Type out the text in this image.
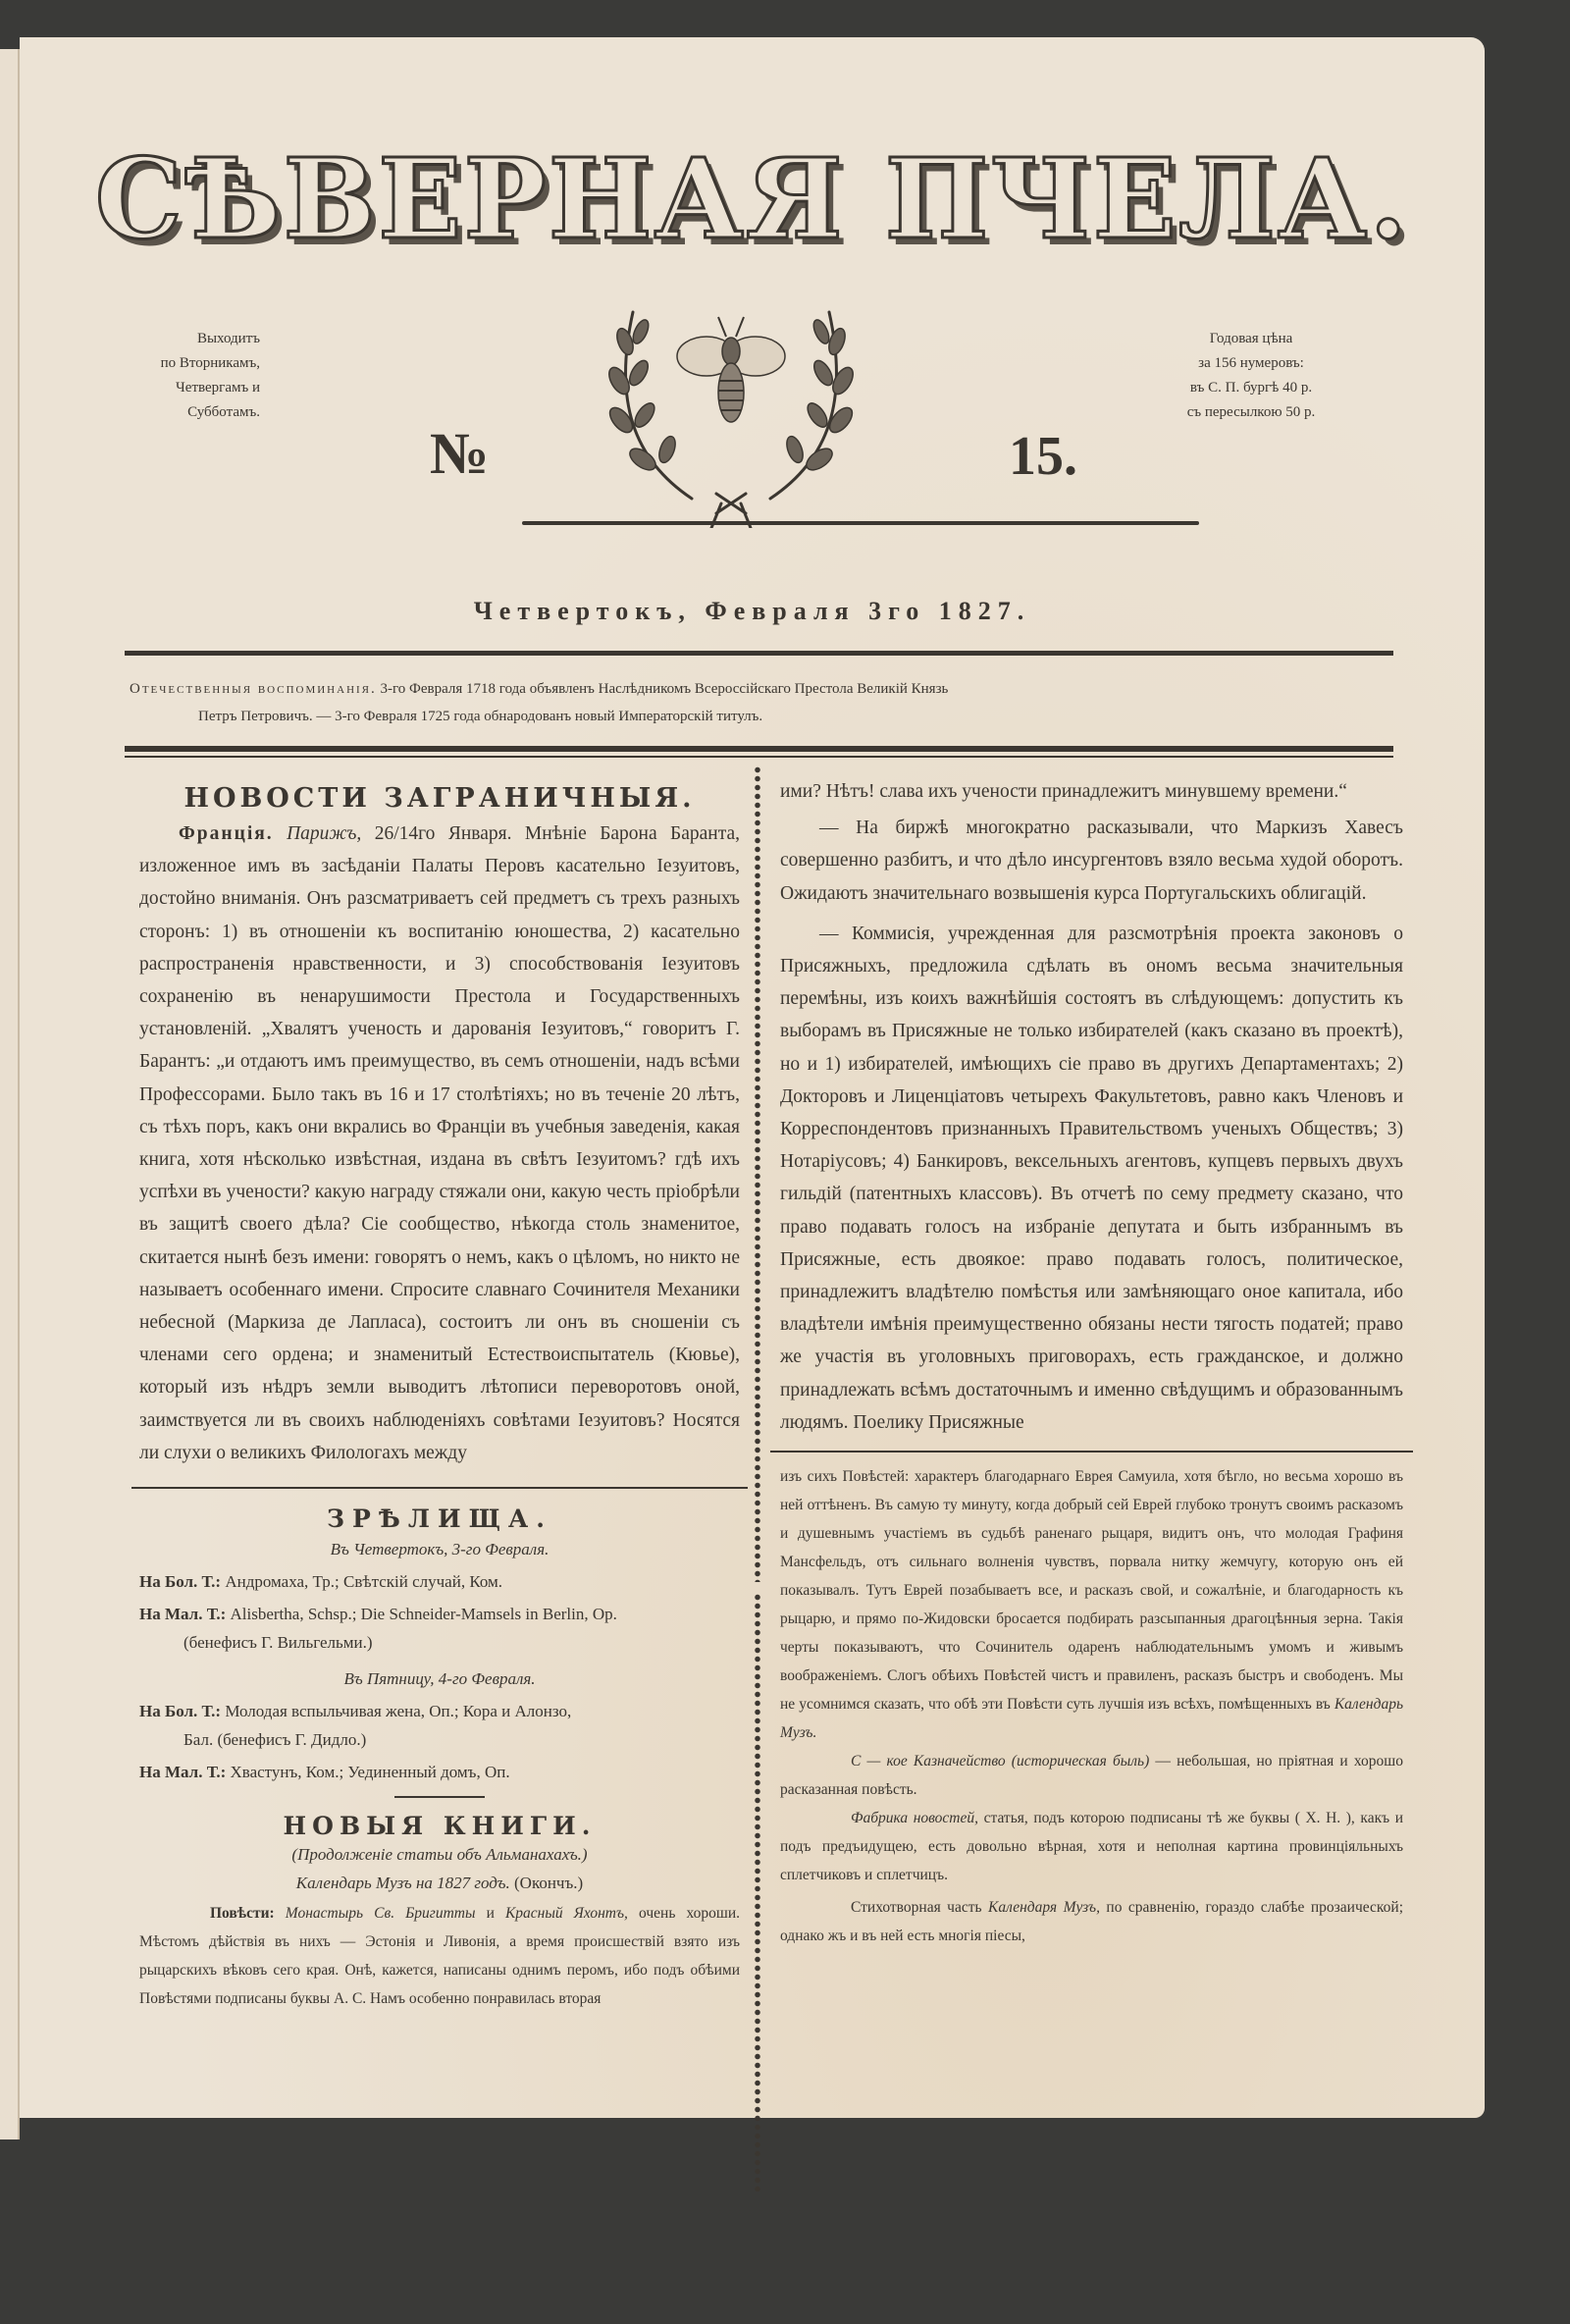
СѢВЕРНАЯ ПЧЕЛА.
Выходитъ
по Вторникамъ,
Четвергамъ и
Субботамъ.
№	15.
Годовая цѣна
за 156 нумеровъ:
въ С. П. бургѣ 40 р.
съ пересылкою 50 р.
Четвертокъ, Февраля 3го 1827.
Отечественныя воспоминанія. 3-го Февраля 1718 года объявленъ Наслѣдникомъ Всероссійскаго Престола Великій Князь
Петръ Петровичъ. — 3-го Февраля 1725 года обнародованъ новый Императорскій титулъ.
НОВОСТИ ЗАГРАНИЧНЫЯ.

Франція. Парижъ, 26/14го Января. Мнѣніе Барона Баранта, изложенное имъ въ засѣданіи Палаты Перовъ касательно Іезуитовъ, достойно вниманія. Онъ разсматриваетъ сей предметъ съ трехъ разныхъ сторонъ: 1) въ отношеніи къ воспитанію юношества, 2) касательно распространенія нравственности, и 3) способствованія Іезуитовъ сохраненію въ ненарушимости Престола и Государственныхъ установленій. „Хвалятъ ученость и дарованія Іезуитовъ,“ говоритъ Г. Барантъ: „и отдаютъ имъ преимущество, въ семъ отношеніи, надъ всѣми Профессорами. Было такъ въ 16 и 17 столѣтіяхъ; но въ теченіе 20 лѣтъ, съ тѣхъ поръ, какъ они вкрались во Франціи въ учебныя заведенія, какая книга, хотя нѣсколько извѣстная, издана въ свѣтъ Іезуитомъ? гдѣ ихъ успѣхи въ учености? какую награду стяжали они, какую честь пріобрѣли въ защитѣ своего дѣла? Сіе сообщество, нѣкогда столь знаменитое, скитается нынѣ безъ имени: говорятъ о немъ, какъ о цѣломъ, но никто не называетъ особеннаго имени. Спросите славнаго Сочинителя Механики небесной (Маркиза де Лапласа), состоитъ ли онъ въ сношеніи съ членами сего ордена; и знаменитый Естествоиспытатель (Кювье), который изъ нѣдръ земли выводитъ лѣтописи переворотовъ оной, заимствуется ли въ своихъ наблюденіяхъ совѣтами Іезуитовъ? Носятся ли слухи о великихъ Филологахъ между

ЗРѢЛИЩА.
Въ Четвертокъ, 3-го Февраля.
На Бол. Т.: Андромаха, Тр.; Свѣтскій случай, Ком.
На Мал. Т.: Alisbertha, Schsp.; Die Schneider-Mamsels in Berlin, Op.
(бенефисъ Г. Вильгельми.)
Въ Пятницу, 4-го Февраля.
На Бол. Т.: Молодая вспыльчивая жена, Оп.; Кора и Алонзо,
Бал. (бенефисъ Г. Дидло.)
На Мал. Т.: Хвастунъ, Ком.; Уединенный домъ, Оп.
НОВЫЯ КНИГИ.
(Продолженіе статьи объ Альманахахъ.)
Календарь Музъ на 1827 годъ. (Окончъ.)

Повѣсти: Монастырь Св. Бригитты и Красный Яхонтъ, очень хороши. Мѣстомъ дѣйствія въ нихъ — Эстонія и Ливонія, а время происшествій взято изъ рыцарскихъ вѣковъ сего края. Онѣ, кажется, написаны однимъ перомъ, ибо подъ обѣими Повѣстями подписаны буквы А. С. Намъ особенно понравилась вторая

ими? Нѣтъ! слава ихъ учености принадлежитъ минувшему времени.“

— На биржѣ многократно расказывали, что Маркизъ Хавесъ совершенно разбитъ, и что дѣло инсургентовъ взяло весьма худой оборотъ. Ожидаютъ значительнаго возвышенія курса Португальскихъ облигацій.

— Коммисія, учрежденная для разсмотрѣнія проекта законовъ о Присяжныхъ, предложила сдѣлать въ ономъ весьма значительныя перемѣны, изъ коихъ важнѣйшія состоятъ въ слѣдующемъ: допустить къ выборамъ въ Присяжные не только избирателей (какъ сказано въ проектѣ), но и 1) избирателей, имѣющихъ сіе право въ другихъ Департаментахъ; 2) Докторовъ и Лиценціатовъ четырехъ Факультетовъ, равно какъ Членовъ и Корреспондентовъ признанныхъ Правительствомъ ученыхъ Обществъ; 3) Нотаріусовъ; 4) Банкировъ, вексельныхъ агентовъ, купцевъ первыхъ двухъ гильдій (патентныхъ классовъ). Въ отчетѣ по сему предмету сказано, что право подавать голосъ на избраніе депутата и быть избраннымъ въ Присяжные, есть двоякое: право подавать голосъ, политическое, принадлежитъ владѣтелю помѣстья или замѣняющаго оное капитала, ибо владѣтели имѣнія преимущественно обязаны нести тягость податей; право же участія въ уголовныхъ приговорахъ, есть гражданское, и должно принадлежать всѣмъ достаточнымъ и именно свѣдущимъ и образованнымъ людямъ. Поелику Присяжные

изъ сихъ Повѣстей: характеръ благодарнаго Еврея Самуила, хотя бѣгло, но весьма хорошо въ ней оттѣненъ. Въ самую ту минуту, когда добрый сей Еврей глубоко тронутъ своимъ расказомъ и душевнымъ участіемъ въ судьбѣ раненаго рыцаря, видитъ онъ, что молодая Графиня Мансфельдъ, отъ сильнаго волненія чувствъ, порвала нитку жемчугу, которую онъ ей показывалъ. Тутъ Еврей позабываетъ все, и расказъ свой, и сожалѣніе, и благодарность къ рыцарю, и прямо по-Жидовски бросается подбирать разсыпанныя драгоцѣнныя зерна. Такія черты показываютъ, что Сочинитель одаренъ наблюдательнымъ умомъ и живымъ воображеніемъ. Слогъ обѣихъ Повѣстей чистъ и правиленъ, расказъ быстръ и свободенъ. Мы не усомнимся сказать, что обѣ эти Повѣсти суть лучшія изъ всѣхъ, помѣщенныхъ въ Календарь Музъ.

С — кое Казначейство (историческая быль) — небольшая, но пріятная и хорошо расказанная повѣсть.

Фабрика новостей, статья, подъ которою подписаны тѣ же буквы ( Х. Н. ), какъ и подъ предъидущею, есть довольно вѣрная, хотя и неполная картина провинціяльныхъ сплетчиковъ и сплетчицъ.

Стихотворная часть Календаря Музъ, по сравненію, гораздо слабѣе прозаической; однако жъ и въ ней есть многія піесы,
